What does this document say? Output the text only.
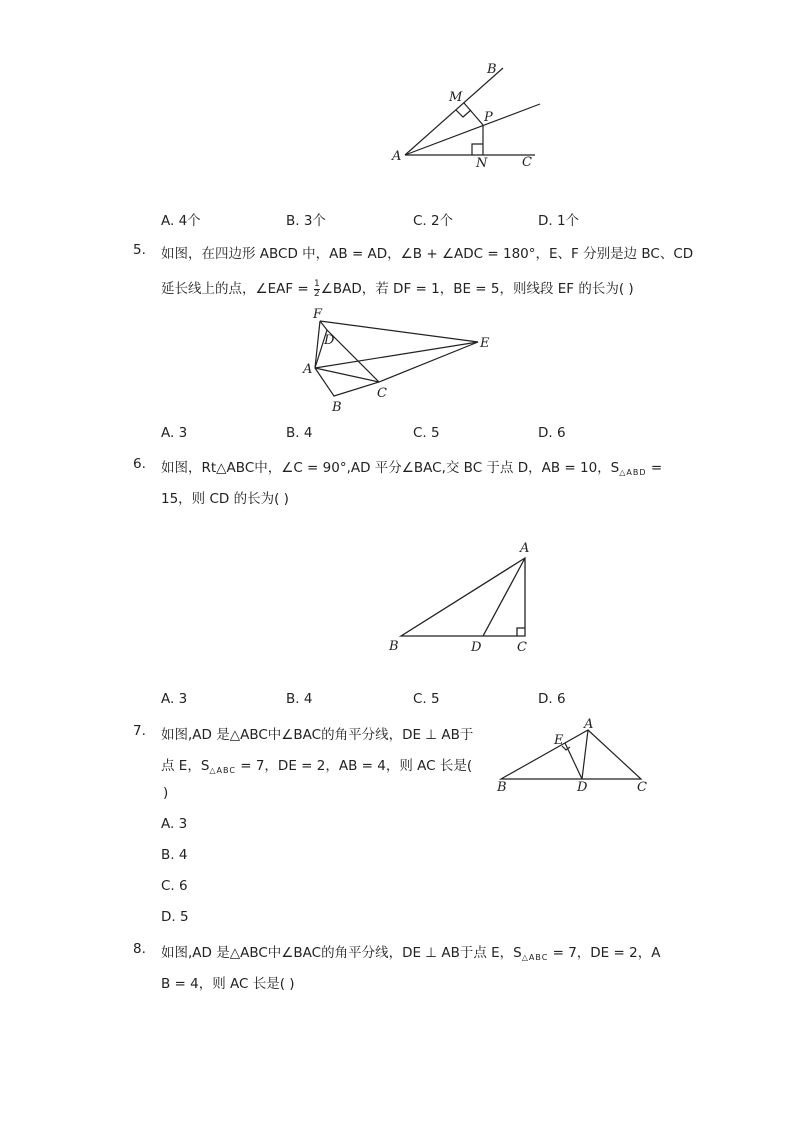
B
M
P
A	N	C
A. 4个	B. 3个	C. 2个	D. 1个
5. 如图，在四边形 ABCD 中，AB = AD，∠B + ∠ADC = 180°，E、F 分别是边 BC、CD
延长线上的点，∠EAF = $\frac{1}{2}$ ∠BAD，若 DF = 1，BE = 5，则线段 EF 的长为( )
F
D	E
A
C
B
A. 3	B. 4	C. 5	D. 6
6. 如图，Rt△ABC中，∠C = 90°,AD 平分∠BAC,交 BC 于点 D，AB = 10，$S_{\triangle ABD}$ =
15，则 CD 的长为( )
A
B	D	C
A. 3	B. 4	C. 5	D. 6
7. 如图,AD 是△ABC中∠BAC的角平分线，DE ⊥ AB于
点 E，$S_{\triangle ABC} = 7$，DE = 2，AB = 4，则 AC 长是(
)
A
E
B	D	C
A. 3
B. 4
C. 6
D. 5
8. 如图,AD 是△ABC中∠BAC的角平分线，DE ⊥ AB于点 E，$S_{\triangle ABC} = 7$，DE = 2，A
B = 4，则 AC 长是( )
